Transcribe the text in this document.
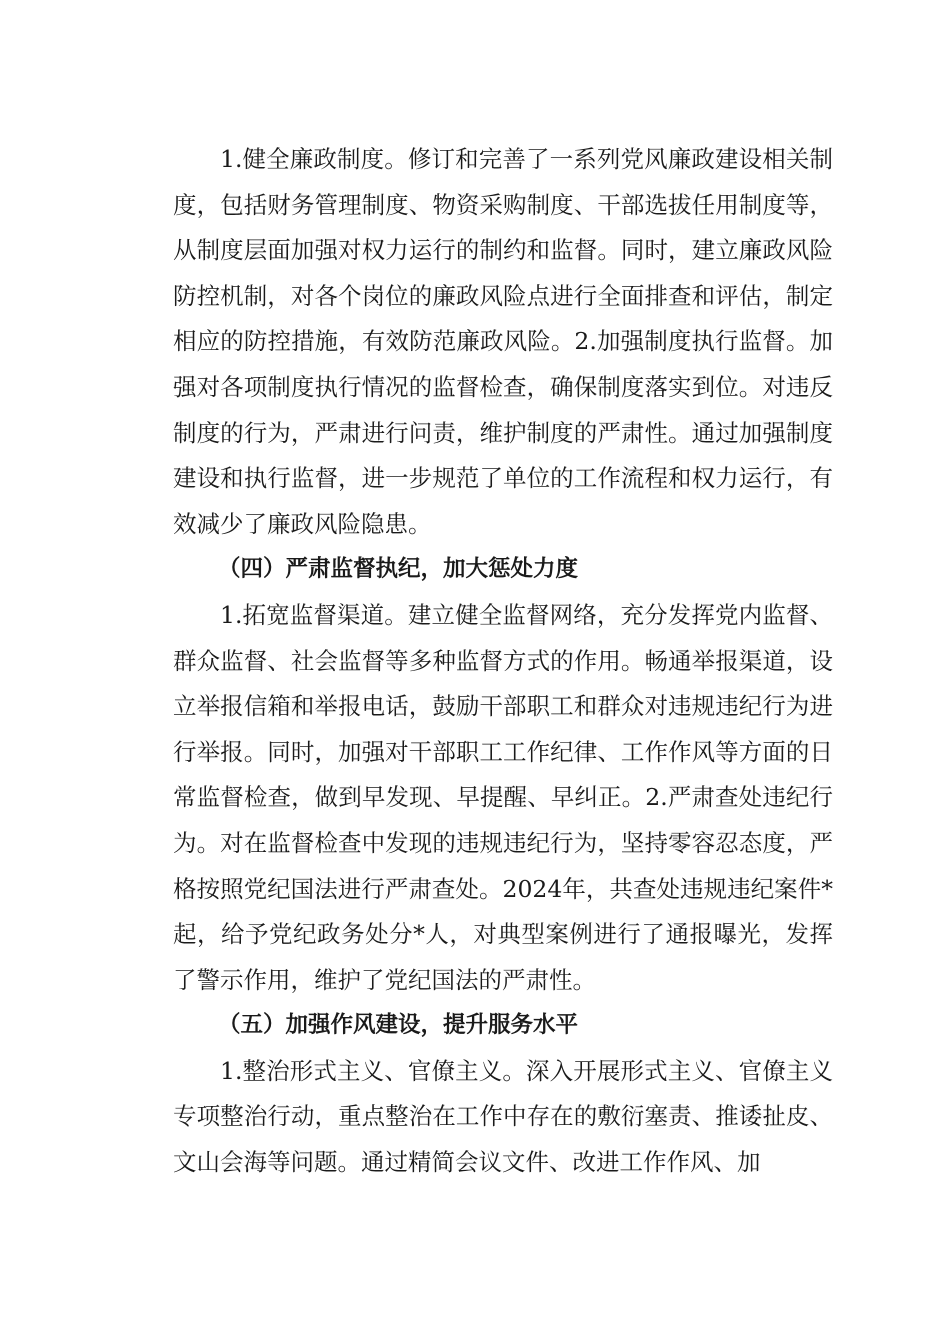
1.健全廉政制度。修订和完善了一系列党风廉政建设相关制度，包括财务管理制度、物资采购制度、干部选拔任用制度等，从制度层面加强对权力运行的制约和监督。同时，建立廉政风险防控机制，对各个岗位的廉政风险点进行全面排查和评估，制定相应的防控措施，有效防范廉政风险。2.加强制度执行监督。加强对各项制度执行情况的监督检查，确保制度落实到位。对违反制度的行为，严肃进行问责，维护制度的严肃性。通过加强制度建设和执行监督，进一步规范了单位的工作流程和权力运行，有效减少了廉政风险隐患。

（四）严肃监督执纪，加大惩处力度

1.拓宽监督渠道。建立健全监督网络，充分发挥党内监督、群众监督、社会监督等多种监督方式的作用。畅通举报渠道，设立举报信箱和举报电话，鼓励干部职工和群众对违规违纪行为进行举报。同时，加强对干部职工工作纪律、工作作风等方面的日常监督检查，做到早发现、早提醒、早纠正。2.严肃查处违纪行为。对在监督检查中发现的违规违纪行为，坚持零容忍态度，严格按照党纪国法进行严肃查处。2024年，共查处违规违纪案件*起，给予党纪政务处分*人，对典型案例进行了通报曝光，发挥了警示作用，维护了党纪国法的严肃性。

（五）加强作风建设，提升服务水平

1.整治形式主义、官僚主义。深入开展形式主义、官僚主义专项整治行动，重点整治在工作中存在的敷衍塞责、推诿扯皮、文山会海等问题。通过精简会议文件、改进工作作风、加
